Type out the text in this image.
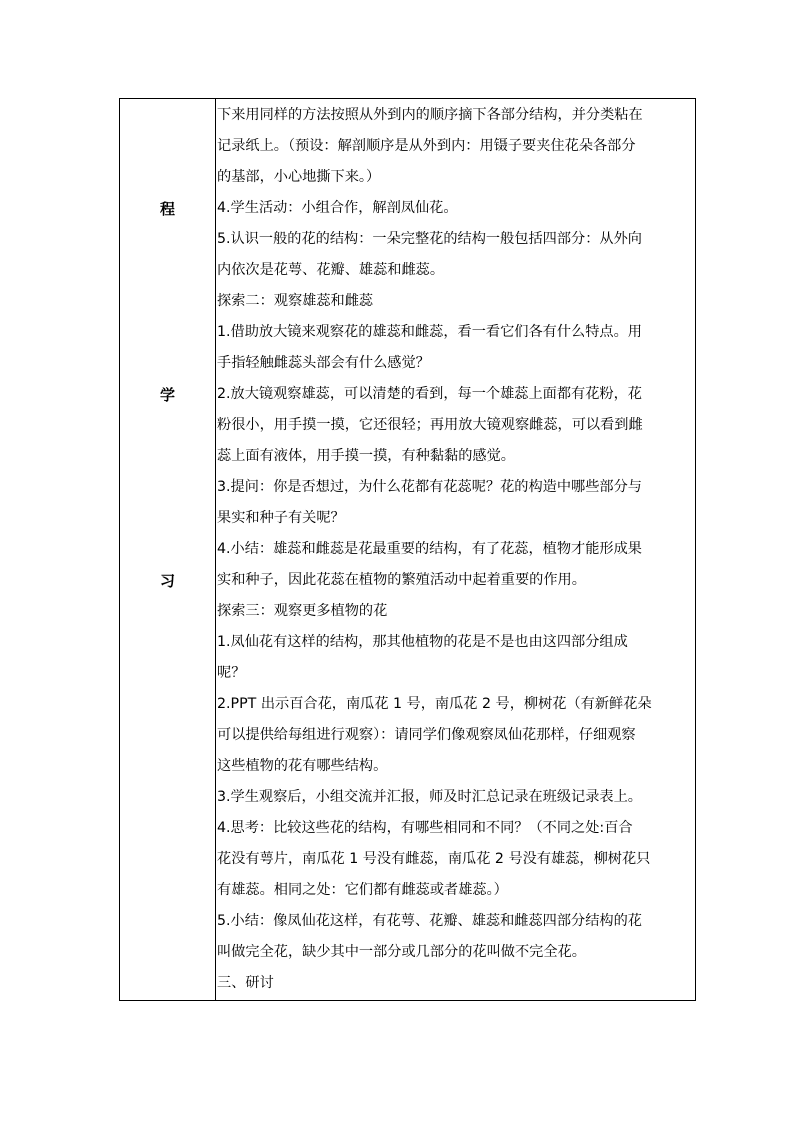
程
学
习
下来用同样的方法按照从外到内的顺序摘下各部分结构，并分类粘在
记录纸上。（预设：解剖顺序是从外到内：用镊子要夹住花朵各部分
的基部，小心地撕下来。）
4.学生活动：小组合作，解剖凤仙花。
5.认识一般的花的结构：一朵完整花的结构一般包括四部分：从外向
内依次是花萼、花瓣、雄蕊和雌蕊。
探索二：观察雄蕊和雌蕊
1.借助放大镜来观察花的雄蕊和雌蕊，看一看它们各有什么特点。用
手指轻触雌蕊头部会有什么感觉？
2.放大镜观察雄蕊，可以清楚的看到，每一个雄蕊上面都有花粉，花
粉很小，用手摸一摸，它还很轻；再用放大镜观察雌蕊，可以看到雌
蕊上面有液体，用手摸一摸，有种黏黏的感觉。
3.提问：你是否想过，为什么花都有花蕊呢？花的构造中哪些部分与
果实和种子有关呢？
4.小结：雄蕊和雌蕊是花最重要的结构，有了花蕊，植物才能形成果
实和种子，因此花蕊在植物的繁殖活动中起着重要的作用。
探索三：观察更多植物的花
1.凤仙花有这样的结构，那其他植物的花是不是也由这四部分组成
呢？
2.PPT 出示百合花，南瓜花 1 号，南瓜花 2 号，柳树花（有新鲜花朵
可以提供给每组进行观察）：请同学们像观察凤仙花那样，仔细观察
这些植物的花有哪些结构。
3.学生观察后，小组交流并汇报，师及时汇总记录在班级记录表上。
4.思考：比较这些花的结构，有哪些相同和不同？（不同之处:百合
花没有萼片，南瓜花 1 号没有雌蕊，南瓜花 2 号没有雄蕊，柳树花只
有雄蕊。相同之处：它们都有雌蕊或者雄蕊。）
5.小结：像凤仙花这样，有花萼、花瓣、雄蕊和雌蕊四部分结构的花
叫做完全花，缺少其中一部分或几部分的花叫做不完全花。
三、研讨
